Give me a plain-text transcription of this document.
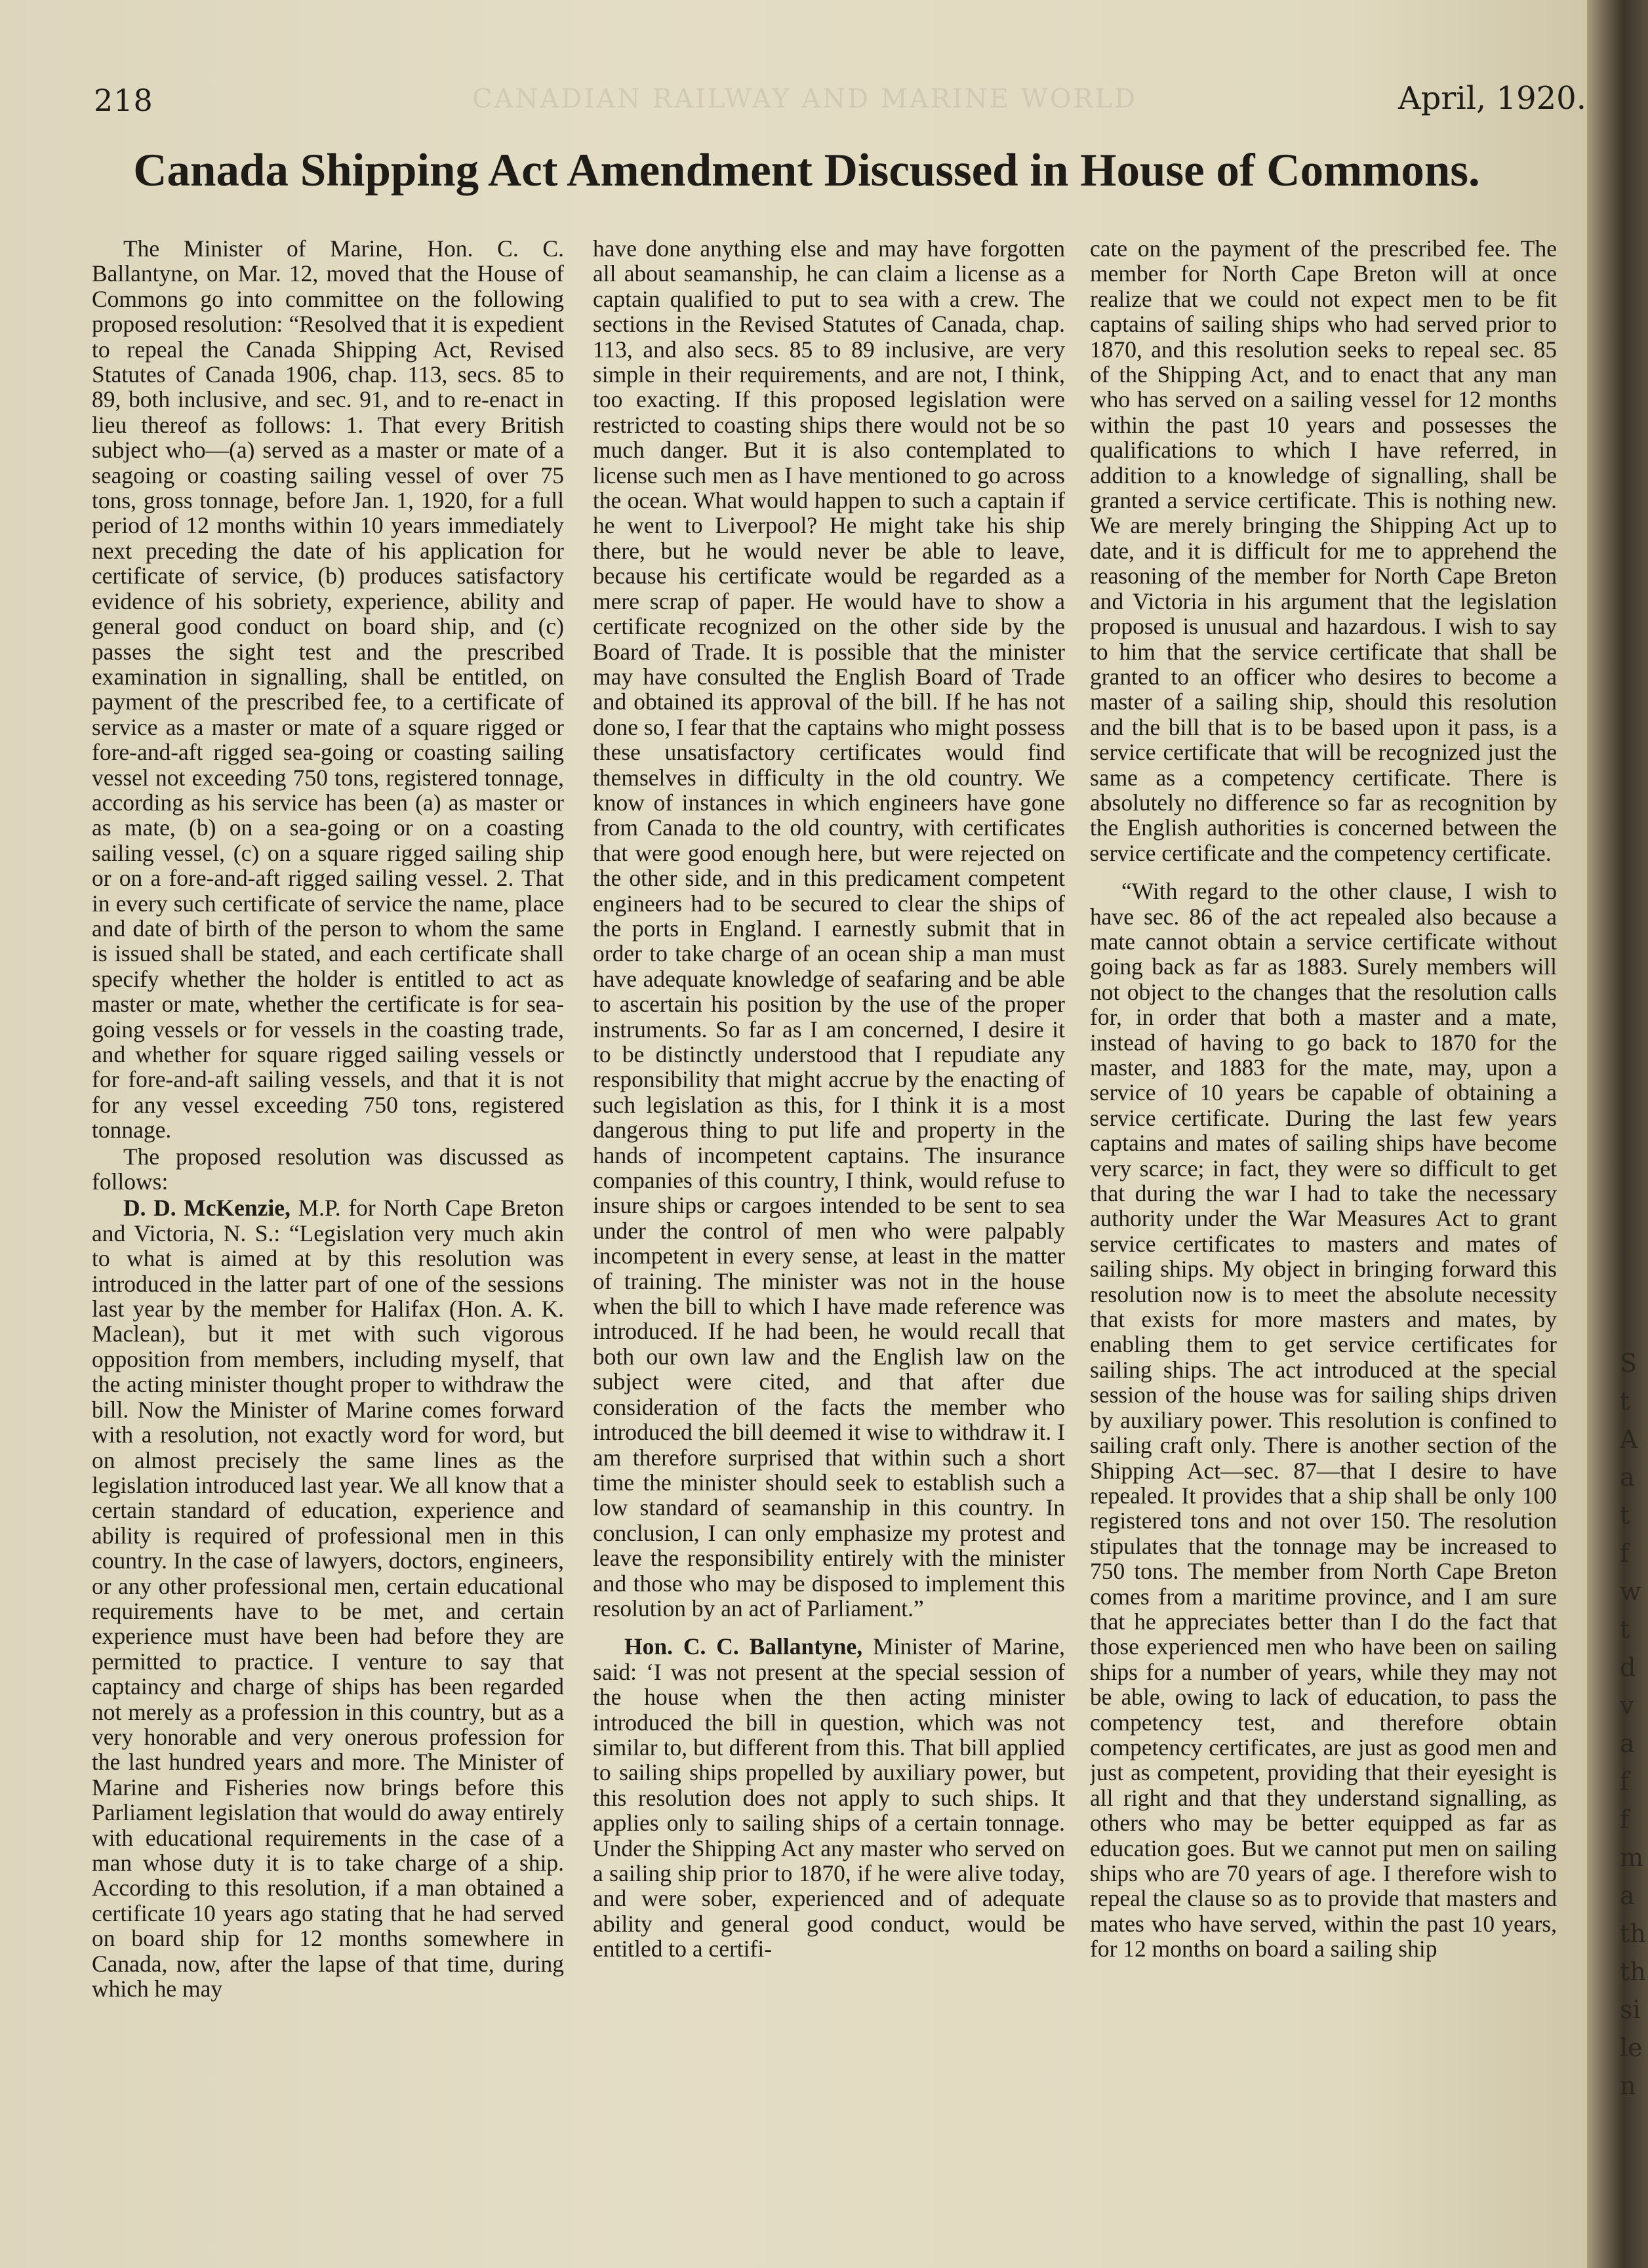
218	CANADIAN RAILWAY AND MARINE WORLD	April, 1920.
Canada Shipping Act Amendment Discussed in House of Commons.

The Minister of Marine, Hon. C. C. Ballantyne, on Mar. 12, moved that the House of Commons go into committee on the following proposed resolution: “Resolved that it is expedient to repeal the Canada Shipping Act, Revised Statutes of Canada 1906, chap. 113, secs. 85 to 89, both inclusive, and sec. 91, and to re-enact in lieu thereof as follows: 1. That every British subject who—(a) served as a master or mate of a seagoing or coasting sailing vessel of over 75 tons, gross tonnage, before Jan. 1, 1920, for a full period of 12 months within 10 years immediately next preceding the date of his application for certificate of service, (b) produces satisfactory evidence of his sobriety, experience, ability and general good conduct on board ship, and (c) passes the sight test and the prescribed examination in signalling, shall be entitled, on payment of the prescribed fee, to a certificate of service as a master or mate of a square rigged or fore-and-aft rigged sea-going or coasting sailing vessel not exceeding 750 tons, registered tonnage, according as his service has been (a) as master or as mate, (b) on a sea-going or on a coasting sailing vessel, (c) on a square rigged sailing ship or on a fore-and-aft rigged sailing vessel. 2. That in every such certificate of service the name, place and date of birth of the person to whom the same is issued shall be stated, and each certificate shall specify whether the holder is entitled to act as master or mate, whether the certificate is for sea-going vessels or for vessels in the coasting trade, and whether for square rigged sailing vessels or for fore-and-aft sailing vessels, and that it is not for any vessel exceeding 750 tons, registered tonnage.

The proposed resolution was discussed as follows:

D. D. McKenzie, M.P. for North Cape Breton and Victoria, N. S.: “Legislation very much akin to what is aimed at by this resolution was introduced in the latter part of one of the sessions last year by the member for Halifax (Hon. A. K. Maclean), but it met with such vigorous opposition from members, including myself, that the acting minister thought proper to withdraw the bill. Now the Minister of Marine comes forward with a resolution, not exactly word for word, but on almost precisely the same lines as the legislation introduced last year. We all know that a certain standard of education, experience and ability is required of professional men in this country. In the case of lawyers, doctors, engineers, or any other professional men, certain educational requirements have to be met, and certain experience must have been had before they are permitted to practice. I venture to say that captaincy and charge of ships has been regarded not merely as a profession in this country, but as a very honorable and very onerous profession for the last hundred years and more. The Minister of Marine and Fisheries now brings before this Parliament legislation that would do away entirely with educational requirements in the case of a man whose duty it is to take charge of a ship. According to this resolution, if a man obtained a certificate 10 years ago stating that he had served on board ship for 12 months somewhere in Canada, now, after the lapse of that time, during which he may

have done anything else and may have forgotten all about seamanship, he can claim a license as a captain qualified to put to sea with a crew. The sections in the Revised Statutes of Canada, chap. 113, and also secs. 85 to 89 inclusive, are very simple in their requirements, and are not, I think, too exacting. If this proposed legislation were restricted to coasting ships there would not be so much danger. But it is also contemplated to license such men as I have mentioned to go across the ocean. What would happen to such a captain if he went to Liverpool? He might take his ship there, but he would never be able to leave, because his certificate would be regarded as a mere scrap of paper. He would have to show a certificate recognized on the other side by the Board of Trade. It is possible that the minister may have consulted the English Board of Trade and obtained its approval of the bill. If he has not done so, I fear that the captains who might possess these unsatisfactory certificates would find themselves in difficulty in the old country. We know of instances in which engineers have gone from Canada to the old country, with certificates that were good enough here, but were rejected on the other side, and in this predicament competent engineers had to be secured to clear the ships of the ports in England. I earnestly submit that in order to take charge of an ocean ship a man must have adequate knowledge of seafaring and be able to ascertain his position by the use of the proper instruments. So far as I am concerned, I desire it to be distinctly understood that I repudiate any responsibility that might accrue by the enacting of such legislation as this, for I think it is a most dangerous thing to put life and property in the hands of incompetent captains. The insurance companies of this country, I think, would refuse to insure ships or cargoes intended to be sent to sea under the control of men who were palpably incompetent in every sense, at least in the matter of training. The minister was not in the house when the bill to which I have made reference was introduced. If he had been, he would recall that both our own law and the English law on the subject were cited, and that after due consideration of the facts the member who introduced the bill deemed it wise to withdraw it. I am therefore surprised that within such a short time the minister should seek to establish such a low standard of seamanship in this country. In conclusion, I can only emphasize my protest and leave the responsibility entirely with the minister and those who may be disposed to implement this resolution by an act of Parliament.”

Hon. C. C. Ballantyne, Minister of Marine, said: ‘I was not present at the special session of the house when the then acting minister introduced the bill in question, which was not similar to, but different from this. That bill applied to sailing ships propelled by auxiliary power, but this resolution does not apply to such ships. It applies only to sailing ships of a certain tonnage. Under the Shipping Act any master who served on a sailing ship prior to 1870, if he were alive today, and were sober, experienced and of adequate ability and general good conduct, would be entitled to a certifi-

cate on the payment of the prescribed fee. The member for North Cape Breton will at once realize that we could not expect men to be fit captains of sailing ships who had served prior to 1870, and this resolution seeks to repeal sec. 85 of the Shipping Act, and to enact that any man who has served on a sailing vessel for 12 months within the past 10 years and possesses the qualifications to which I have referred, in addition to a knowledge of signalling, shall be granted a service certificate. This is nothing new. We are merely bringing the Shipping Act up to date, and it is difficult for me to apprehend the reasoning of the member for North Cape Breton and Victoria in his argument that the legislation proposed is unusual and hazardous. I wish to say to him that the service certificate that shall be granted to an officer who desires to become a master of a sailing ship, should this resolution and the bill that is to be based upon it pass, is a service certificate that will be recognized just the same as a competency certificate. There is absolutely no difference so far as recognition by the English authorities is concerned between the service certificate and the competency certificate.

“With regard to the other clause, I wish to have sec. 86 of the act repealed also because a mate cannot obtain a service certificate without going back as far as 1883. Surely members will not object to the changes that the resolution calls for, in order that both a master and a mate, instead of having to go back to 1870 for the master, and 1883 for the mate, may, upon a service of 10 years be capable of obtaining a service certificate. During the last few years captains and mates of sailing ships have become very scarce; in fact, they were so difficult to get that during the war I had to take the necessary authority under the War Measures Act to grant service certificates to masters and mates of sailing ships. My object in bringing forward this resolution now is to meet the absolute necessity that exists for more masters and mates, by enabling them to get service certificates for sailing ships. The act introduced at the special session of the house was for sailing ships driven by auxiliary power. This resolution is confined to sailing craft only. There is another section of the Shipping Act—sec. 87—that I desire to have repealed. It provides that a ship shall be only 100 registered tons and not over 150. The resolution stipulates that the tonnage may be increased to 750 tons. The member from North Cape Breton comes from a maritime province, and I am sure that he appreciates better than I do the fact that those experienced men who have been on sailing ships for a number of years, while they may not be able, owing to lack of education, to pass the competency test, and therefore obtain competency certificates, are just as good men and just as competent, providing that their eyesight is all right and that they understand signalling, as others who may be better equipped as far as education goes. But we cannot put men on sailing ships who are 70 years of age. I therefore wish to repeal the clause so as to provide that masters and mates who have served, within the past 10 years, for 12 months on board a sailing ship

S t A a t f w t d v a f f m a th th si le n
